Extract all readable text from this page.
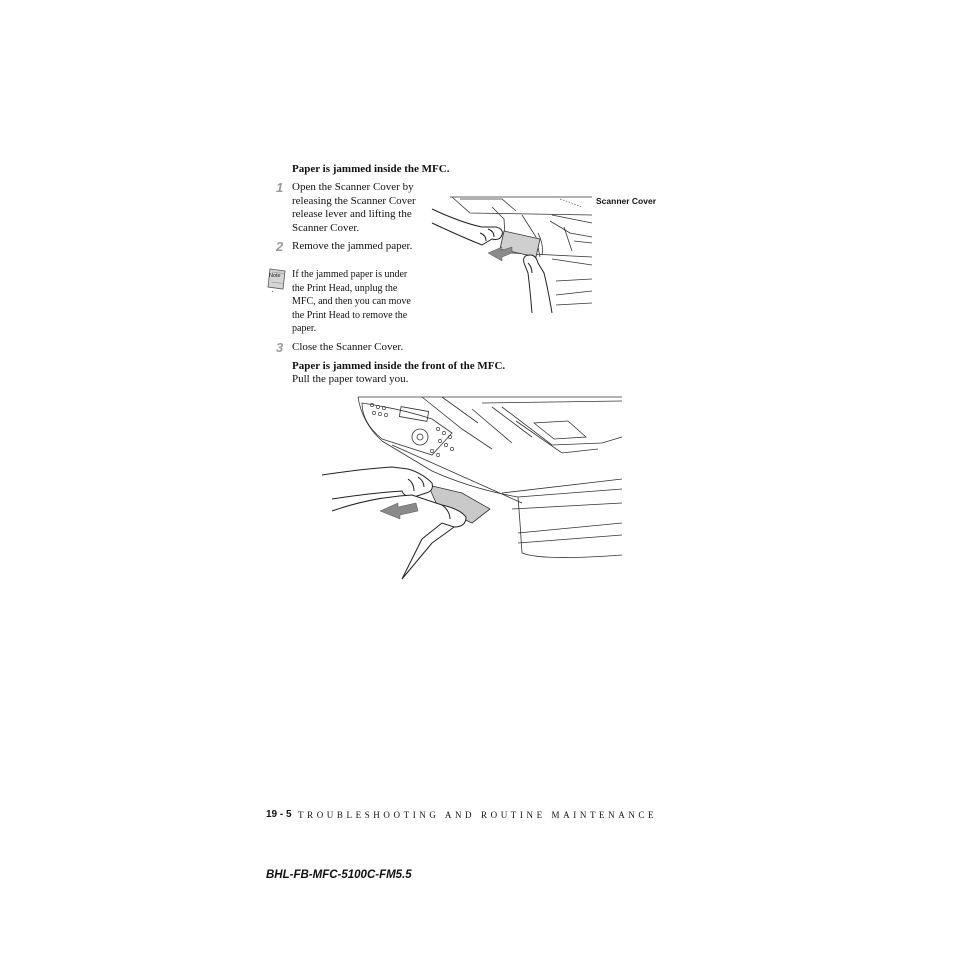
Paper is jammed inside the MFC.
1 Open the Scanner Cover by
releasing the Scanner Cover
release lever and lifting the
Scanner Cover.
2 Remove the jammed paper.
Note If the jammed paper is under
the Print Head, unplug the
MFC, and then you can move
the Print Head to remove the
paper.
3 Close the Scanner Cover.
Scanner Cover
Paper is jammed inside the front of the MFC.
Pull the paper toward you.
19 - 5 TROUBLESHOOTING AND ROUTINE MAINTENANCE
BHL-FB-MFC-5100C-FM5.5
